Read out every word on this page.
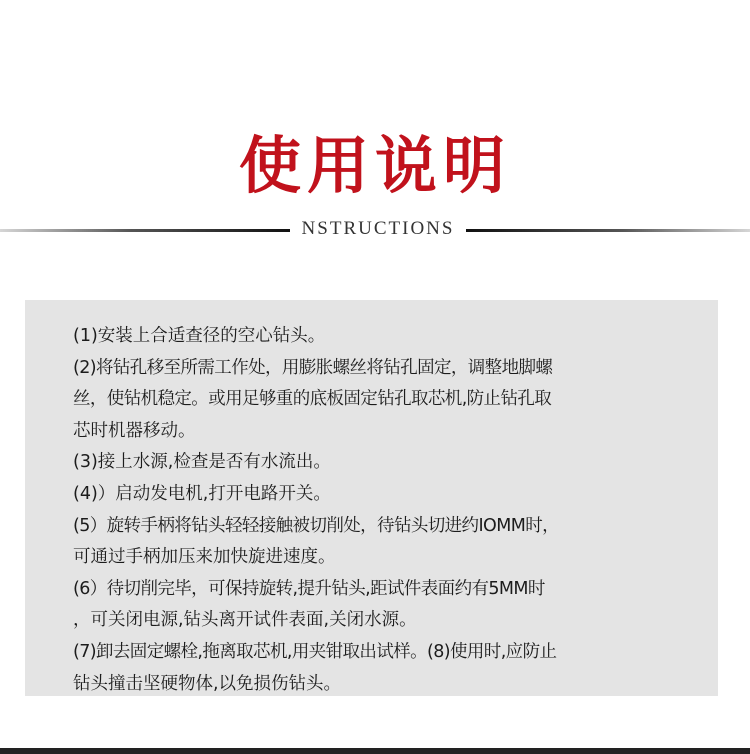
使用说明
NSTRUCTIONS
(1)安装上合适查径的空心钻头。
(2)将钻孔移至所需工作处，用膨胀螺丝将钻孔固定，调整地脚螺
丝，使钻机稳定。或用足够重的底板固定钻孔取芯机,防止钻孔取
芯时机器移动。
(3)接上水源,检查是否有水流出。
(4)）启动发电机,打开电路开关。
(5）旋转手柄将钻头轻轻接触被切削处，待钻头切进约IOMM时，
可通过手柄加压来加快旋进速度。
(6）待切削完毕，可保持旋转,提升钻头,距试件表面约有5MM时
，可关闭电源,钻头离开试件表面,关闭水源。
(7)卸去固定螺栓,拖离取芯机,用夹钳取出试样。(8)使用时,应防止
钻头撞击坚硬物体,以免损伤钻头。
